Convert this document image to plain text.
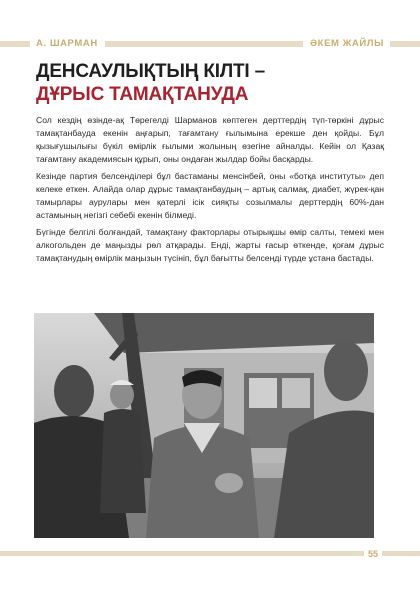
А. ШАРМАН	ӘКЕМ ЖАЙЛЫ
ДЕНСАУЛЫҚТЫҢ КІЛТІ –
ДҰРЫС ТАМАҚТАНУДА

Сол кездің өзінде-ақ Төрегелді Шарманов көптеген дерттердің түп-төркіні дұрыс тамақтанбауда екенін аңғарып, тағамтану ғылымына ерекше ден қойды. Бұл қызығушылығы бүкіл өмірлік ғылыми жолының өзегіне айналды. Кейін ол Қазақ тағамтану академиясын құрып, оны ондаған жылдар бойы басқарды.

Кезінде партия белсенділері бұл бастаманы менсінбей, оны «ботқа институты» деп келеке еткен. Алайда олар дұрыс тамақтанбаудың – артық салмақ, диабет, жүрек-қан тамырлары аурулары мен қатерлі ісік сияқты созылмалы дерттердің 60%-дан астамының негізгі себебі екенін білмеді.

Бүгінде белгілі болғандай, тамақтану факторлары отырықшы өмір салты, темекі мен алкогольден де маңызды рөл атқарады. Енді, жарты ғасыр өткенде, қоғам дұрыс тамақтанудың өмірлік маңызын түсініп, бұл бағытты белсенді түрде ұстана бастады.

55
